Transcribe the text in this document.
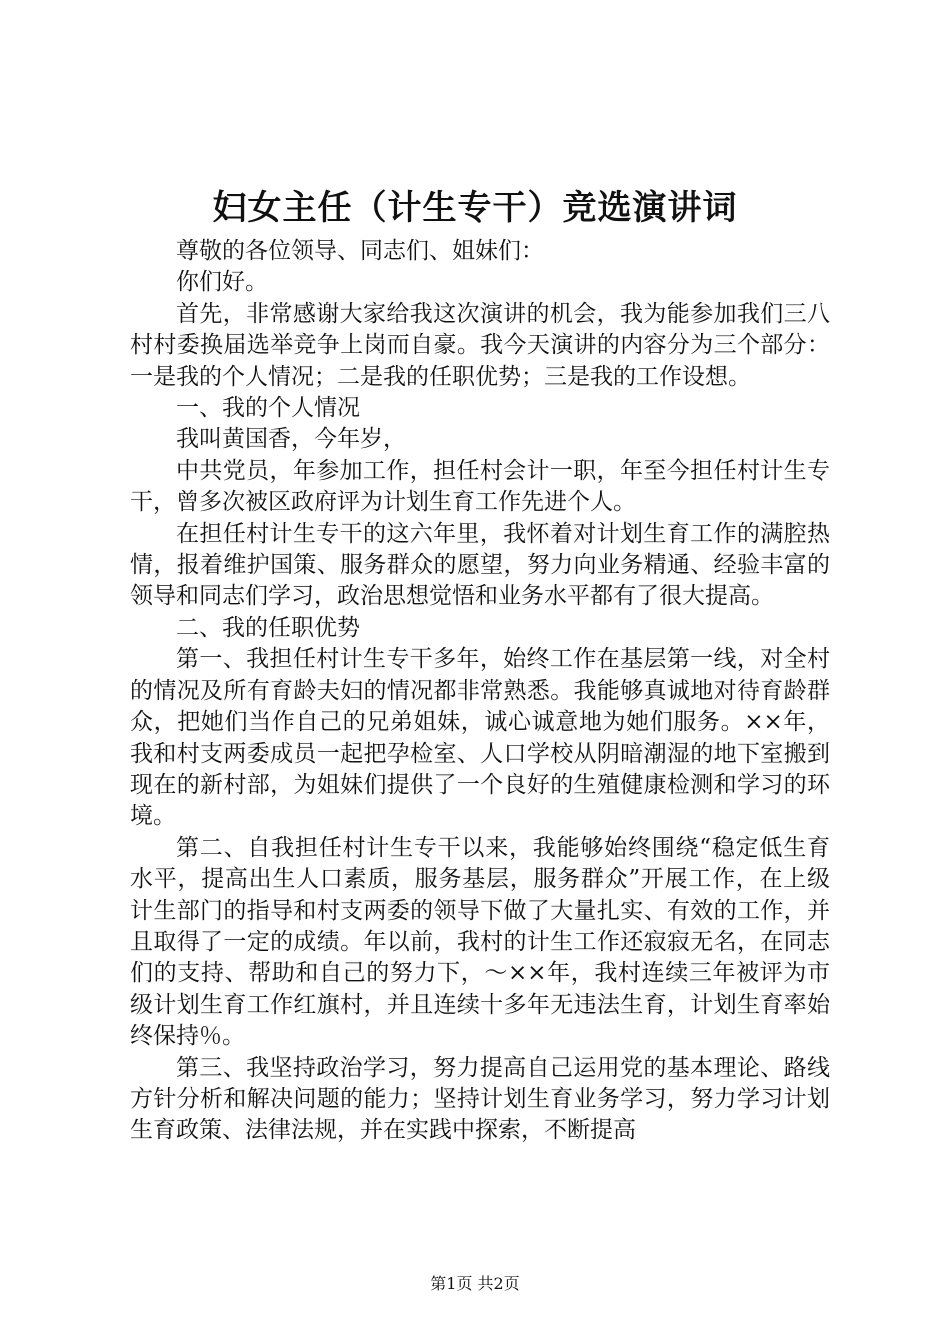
妇女主任（计生专干）竞选演讲词

尊敬的各位领导、同志们、姐妹们：

你们好。

首先，非常感谢大家给我这次演讲的机会，我为能参加我们三八村村委换届选举竞争上岗而自豪。我今天演讲的内容分为三个部分：一是我的个人情况；二是我的任职优势；三是我的工作设想。

一、我的个人情况

我叫黄国香，今年岁，

中共党员，年参加工作，担任村会计一职，年至今担任村计生专干，曾多次被区政府评为计划生育工作先进个人。

在担任村计生专干的这六年里，我怀着对计划生育工作的满腔热情，报着维护国策、服务群众的愿望，努力向业务精通、经验丰富的领导和同志们学习，政治思想觉悟和业务水平都有了很大提高。

二、我的任职优势

第一、我担任村计生专干多年，始终工作在基层第一线，对全村的情况及所有育龄夫妇的情况都非常熟悉。我能够真诚地对待育龄群众，把她们当作自己的兄弟姐妹，诚心诚意地为她们服务。××年，我和村支两委成员一起把孕检室、人口学校从阴暗潮湿的地下室搬到现在的新村部，为姐妹们提供了一个良好的生殖健康检测和学习的环境。

第二、自我担任村计生专干以来，我能够始终围绕“稳定低生育水平，提高出生人口素质，服务基层，服务群众”开展工作，在上级计生部门的指导和村支两委的领导下做了大量扎实、有效的工作，并且取得了一定的成绩。年以前，我村的计生工作还寂寂无名，在同志们的支持、帮助和自己的努力下，～××年，我村连续三年被评为市级计划生育工作红旗村，并且连续十多年无违法生育，计划生育率始终保持％。

第三、我坚持政治学习，努力提高自己运用党的基本理论、路线方针分析和解决问题的能力；坚持计划生育业务学习，努力学习计划生育政策、法律法规，并在实践中探索，不断提高

第1页 共2页
